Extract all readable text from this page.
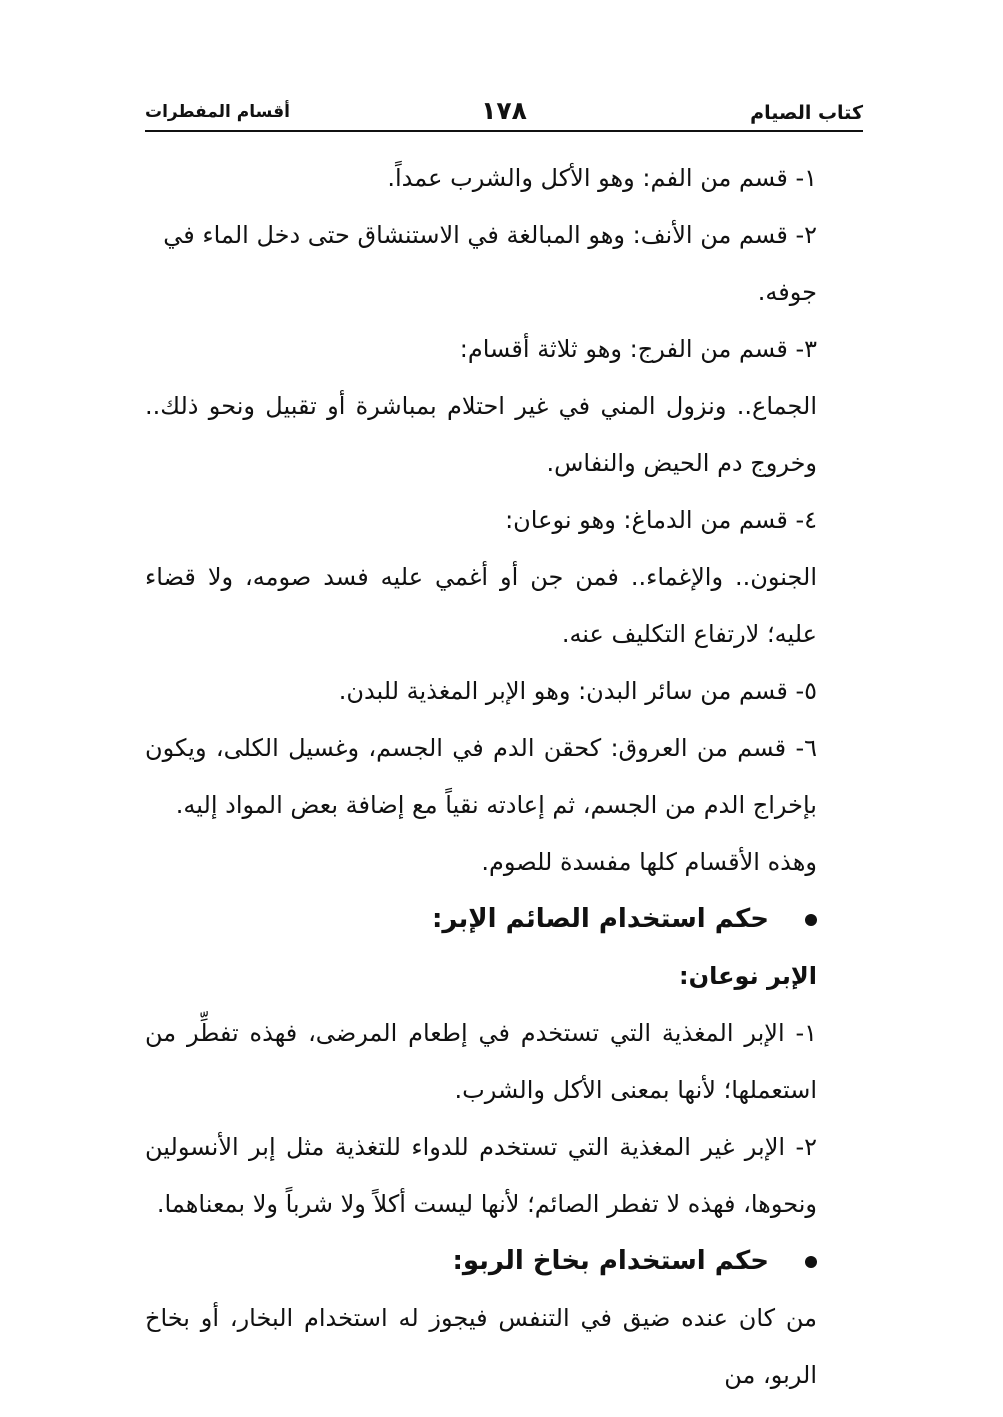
كتاب الصيام
١٧٨
أقسام المفطرات

١- قسم من الفم: وهو الأكل والشرب عمداً.

٢- قسم من الأنف: وهو المبالغة في الاستنشاق حتى دخل الماء في جوفه.

٣- قسم من الفرج: وهو ثلاثة أقسام:

الجماع.. ونزول المني في غير احتلام بمباشرة أو تقبيل ونحو ذلك.. وخروج دم الحيض والنفاس.

٤- قسم من الدماغ: وهو نوعان:

الجنون.. والإغماء.. فمن جن أو أغمي عليه فسد صومه، ولا قضاء عليه؛ لارتفاع التكليف عنه.

٥- قسم من سائر البدن: وهو الإبر المغذية للبدن.

٦- قسم من العروق: كحقن الدم في الجسم، وغسيل الكلى، ويكون بإخراج الدم من الجسم، ثم إعادته نقياً مع إضافة بعض المواد إليه.

وهذه الأقسام كلها مفسدة للصوم.

حكم استخدام الصائم الإبر:

الإبر نوعان:

١- الإبر المغذية التي تستخدم في إطعام المرضى، فهذه تفطِّر من استعملها؛ لأنها بمعنى الأكل والشرب.

٢- الإبر غير المغذية التي تستخدم للدواء للتغذية مثل إبر الأنسولين ونحوها، فهذه لا تفطر الصائم؛ لأنها ليست أكلاً ولا شرباً ولا بمعناهما.

حكم استخدام بخاخ الربو:

من كان عنده ضيق في التنفس فيجوز له استخدام البخار، أو بخاخ الربو، من
